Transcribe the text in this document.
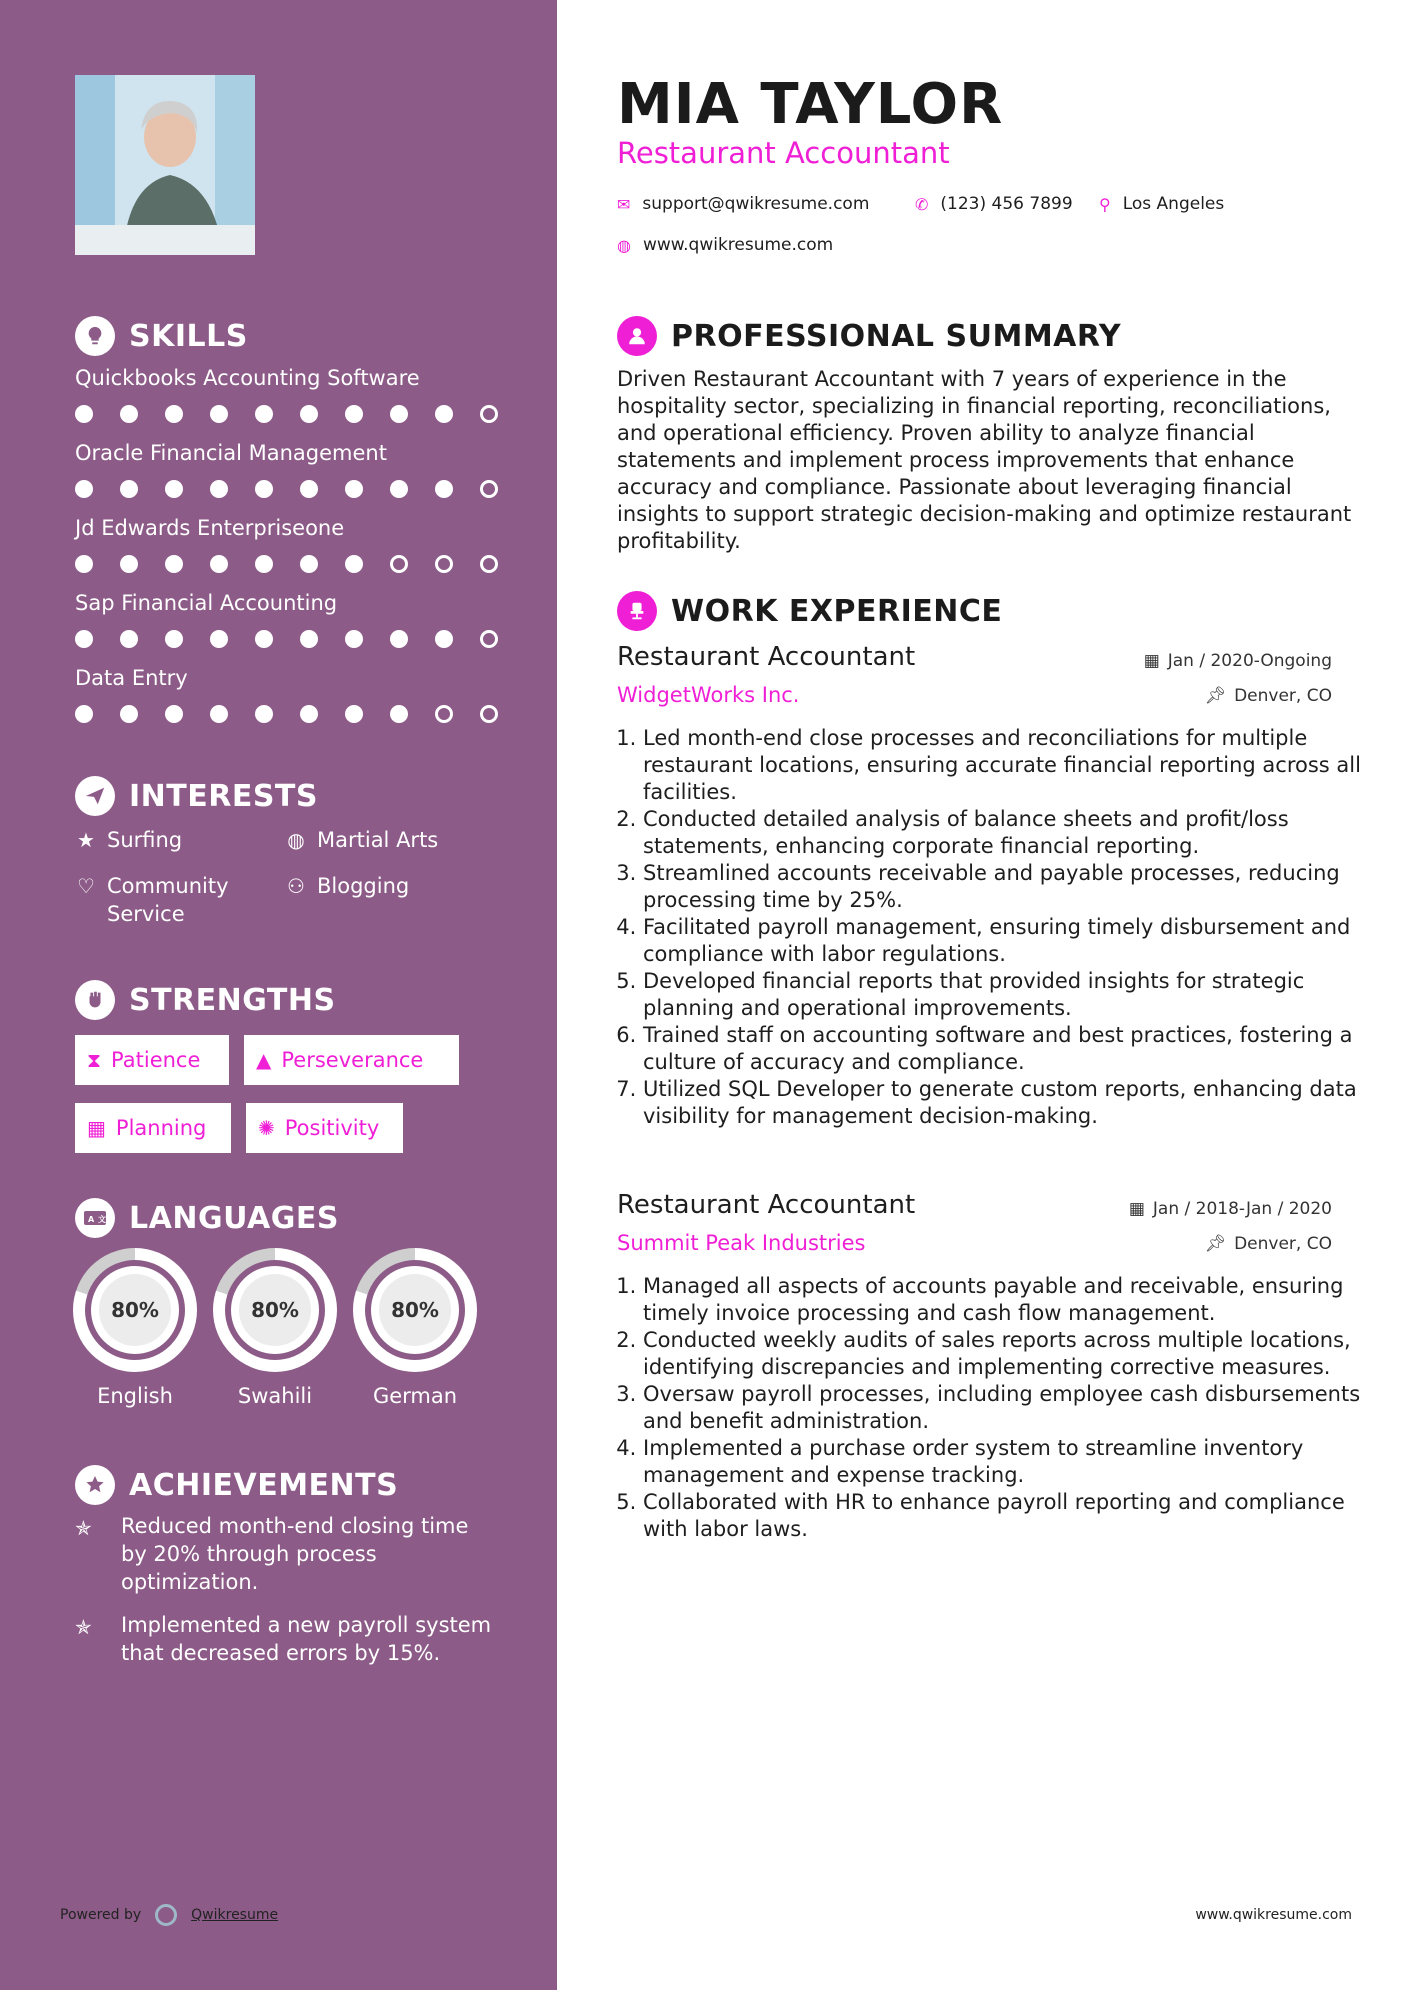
SKILLS
Quickbooks Accounting Software
Oracle Financial Management
Jd Edwards Enterpriseone
Sap Financial Accounting
Data Entry
INTERESTS
★ Surfing	◍ Martial Arts
♡ Community Service
⚇ Blogging
STRENGTHS
⧗ Patience	▲ Perseverance
▦ Planning	✺ Positivity
A 文 LANGUAGES
80%	80%	80%
English	Swahili	German
ACHIEVEMENTS
✯	Reduced month-end closing time by 20% through process optimization.
✯	Implemented a new payroll system that decreased errors by 15%.
Powered by	Qwikresume
MIA TAYLOR
Restaurant Accountant
✉ support@qwikresume.com	✆ (123) 456 7899 ⚲ Los Angeles
◍ www.qwikresume.com
PROFESSIONAL SUMMARY
Driven Restaurant Accountant with 7 years of experience in the hospitality sector, specializing in financial reporting, reconciliations, and operational efficiency. Proven ability to analyze financial statements and implement process improvements that enhance accuracy and compliance. Passionate about leveraging financial insights to support strategic decision-making and optimize restaurant profitability.
WORK EXPERIENCE
Restaurant Accountant	▦ Jan / 2020-Ongoing
WidgetWorks Inc.	📌︎ Denver, CO
1. Led month-end close processes and reconciliations for multiple restaurant locations, ensuring accurate financial reporting across all facilities.
2. Conducted detailed analysis of balance sheets and profit/loss statements, enhancing corporate financial reporting.
3. Streamlined accounts receivable and payable processes, reducing processing time by 25%.
4. Facilitated payroll management, ensuring timely disbursement and compliance with labor regulations.
5. Developed financial reports that provided insights for strategic planning and operational improvements.
6. Trained staff on accounting software and best practices, fostering a culture of accuracy and compliance.
7. Utilized SQL Developer to generate custom reports, enhancing data visibility for management decision-making.
Restaurant Accountant	▦ Jan / 2018-Jan / 2020
Summit Peak Industries	📌︎ Denver, CO
1. Managed all aspects of accounts payable and receivable, ensuring timely invoice processing and cash flow management.
2. Conducted weekly audits of sales reports across multiple locations, identifying discrepancies and implementing corrective measures.
3. Oversaw payroll processes, including employee cash disbursements and benefit administration.
4. Implemented a purchase order system to streamline inventory management and expense tracking.
5. Collaborated with HR to enhance payroll reporting and compliance with labor laws.
www.qwikresume.com
